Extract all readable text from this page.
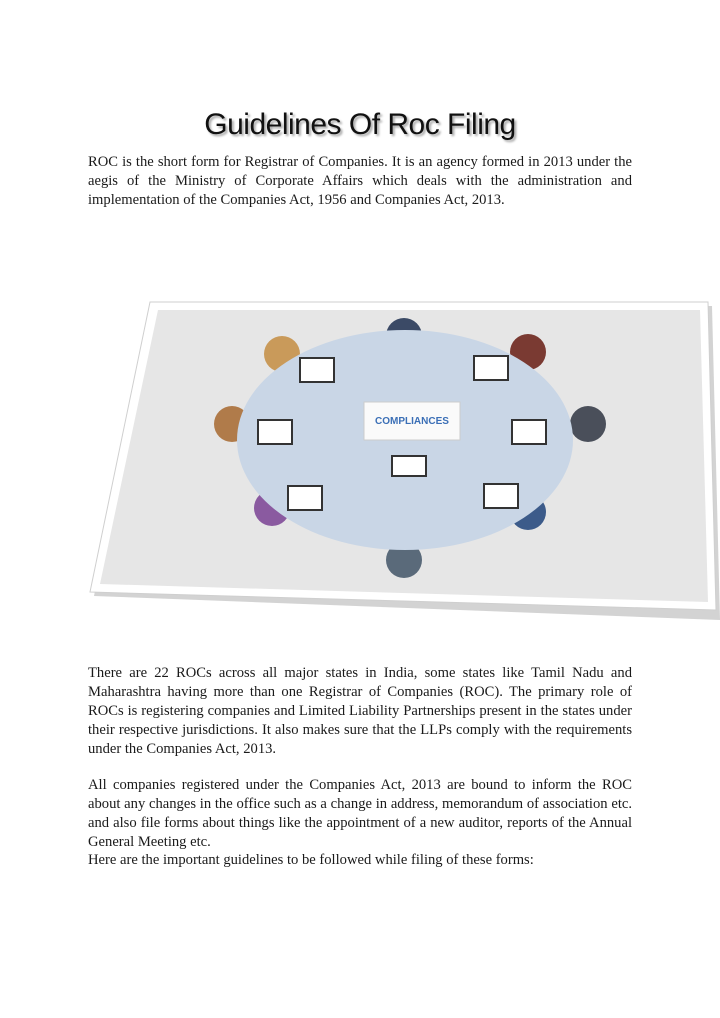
Guidelines Of Roc Filing

ROC is the short form for Registrar of Companies. It is an agency formed in 2013 under the aegis of the Ministry of Corporate Affairs which deals with the administration and implementation of the Companies Act, 1956 and Companies Act, 2013.

COMPLIANCES

There are 22 ROCs across all major states in India, some states like Tamil Nadu and Maharashtra having more than one Registrar of Companies (ROC). The primary role of ROCs is registering companies and Limited Liability Partnerships present in the states under their respective jurisdictions. It also makes sure that the LLPs comply with the requirements under the Companies Act, 2013.

All companies registered under the Companies Act, 2013 are bound to inform the ROC about any changes in the office such as a change in address, memorandum of association etc. and also file forms about things like the appointment of a new auditor, reports of the Annual General Meeting etc.

Here are the important guidelines to be followed while filing of these forms:
